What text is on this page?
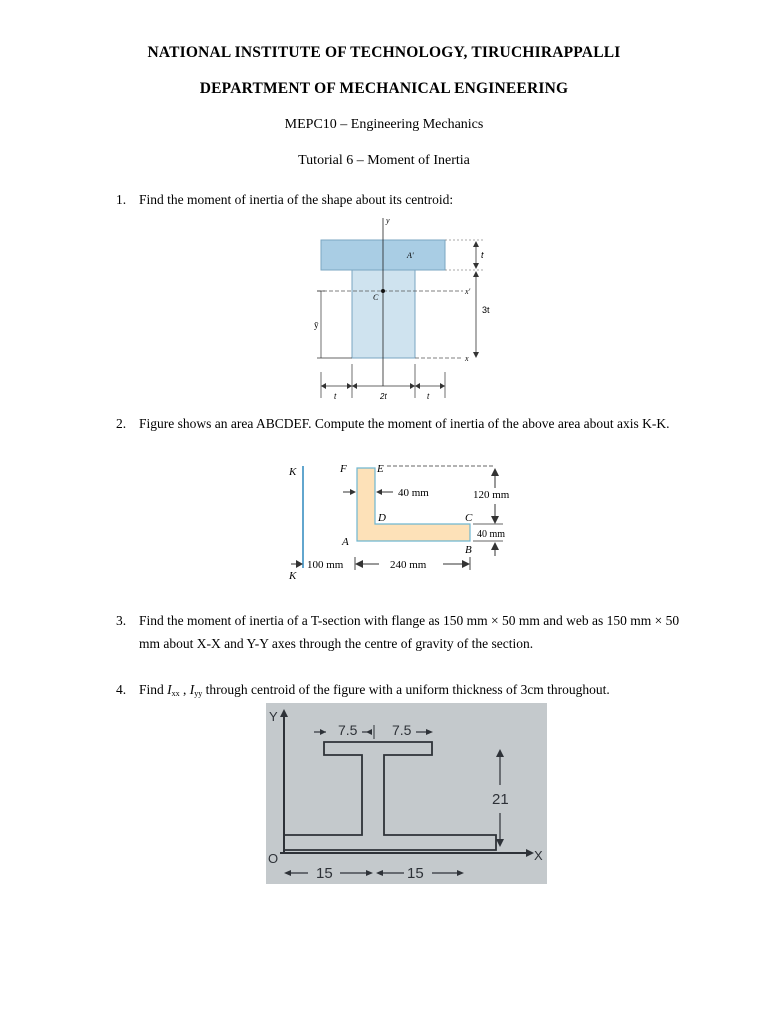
NATIONAL INSTITUTE OF TECHNOLOGY, TIRUCHIRAPPALLI
DEPARTMENT OF MECHANICAL ENGINEERING
MEPC10 – Engineering Mechanics
Tutorial 6 – Moment of Inertia
1. Find the moment of inertia of the shape about its centroid:
y
x'
x
C
A'
ȳ
t
3t
t	2t	t
2. Figure shows an area ABCDEF. Compute the moment of inertia of the above area about axis K-K.
K
K
F	E
D	C
A
B
40 mm	120 mm
40 mm
100 mm	240 mm
3. Find the moment of inertia of a T-section with flange as 150 mm × 50 mm and web as 150 mm × 50 mm about X-X and Y-Y axes through the centre of gravity of the section.
4. Find $I_{xx}$ , $I_{yy}$ through centroid of the figure with a uniform thickness of 3cm throughout.
Y
X
O
7.5 7.5
21
15	15
